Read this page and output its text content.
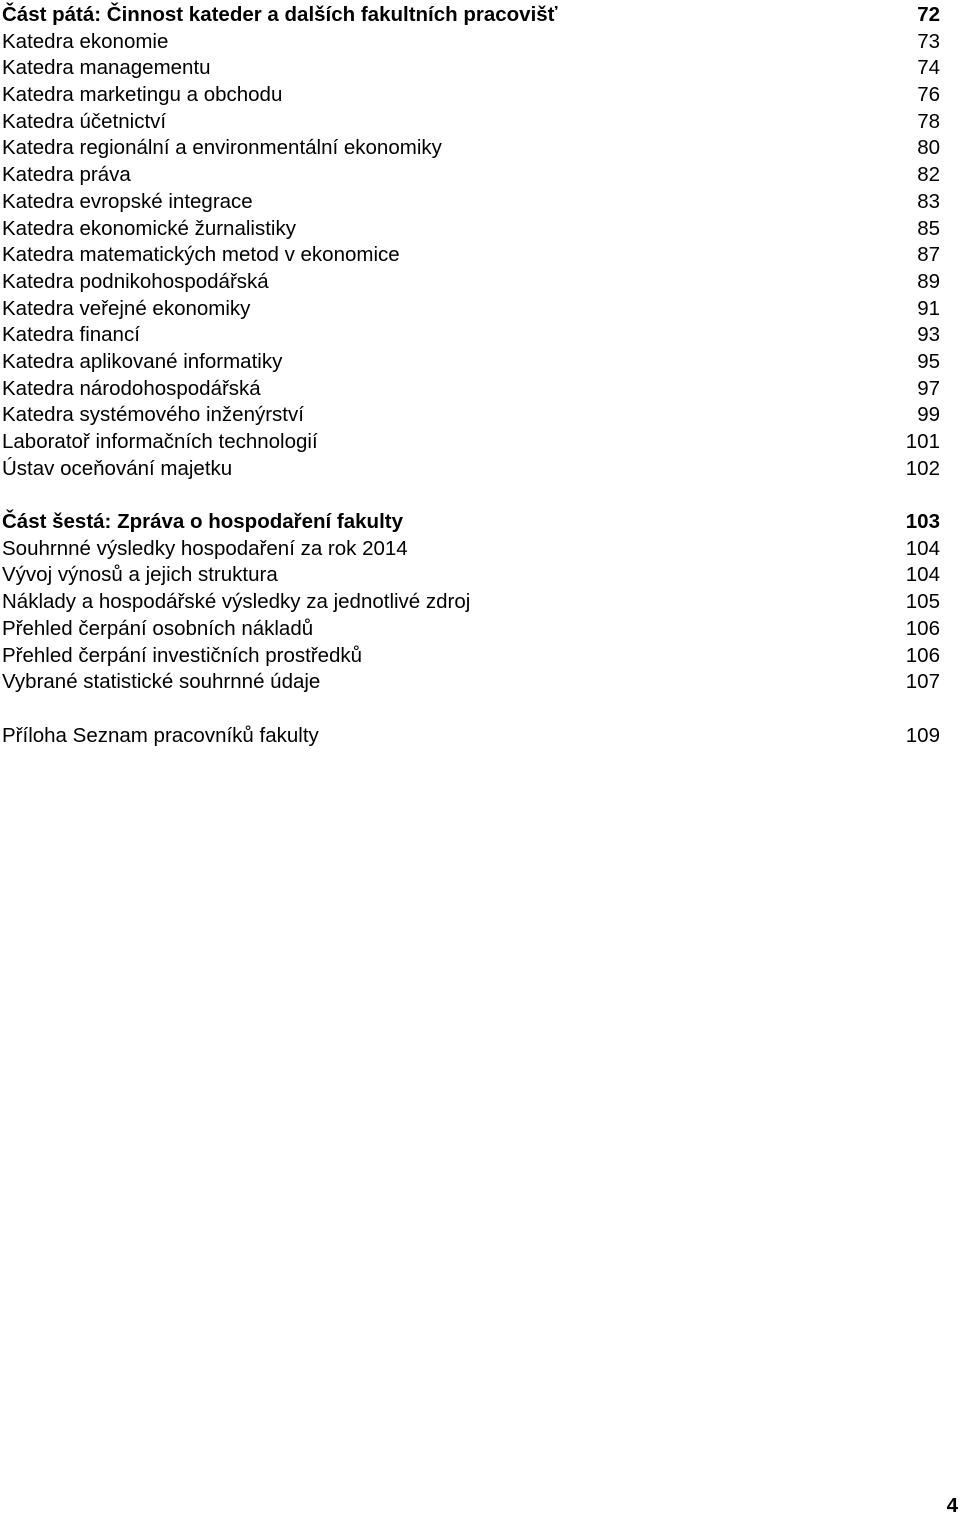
Část pátá: Činnost kateder a dalších fakultních pracovišť	72
Katedra ekonomie	73
Katedra managementu	74
Katedra marketingu a obchodu	76
Katedra účetnictví	78
Katedra regionální a environmentální ekonomiky	80
Katedra práva	82
Katedra evropské integrace	83
Katedra ekonomické žurnalistiky	85
Katedra matematických metod v ekonomice	87
Katedra podnikohospodářská	89
Katedra veřejné ekonomiky	91
Katedra financí	93
Katedra aplikované informatiky	95
Katedra národohospodářská	97
Katedra systémového inženýrství	99
Laboratoř informačních technologií	101
Ústav oceňování majetku	102
Část šestá: Zpráva o hospodaření fakulty	103
Souhrnné výsledky hospodaření za rok 2014	104
Vývoj výnosů a jejich struktura	104
Náklady a hospodářské výsledky za jednotlivé zdroj	105
Přehled čerpání osobních nákladů	106
Přehled čerpání investičních prostředků	106
Vybrané statistické souhrnné údaje	107
Příloha Seznam pracovníků fakulty	109
4
